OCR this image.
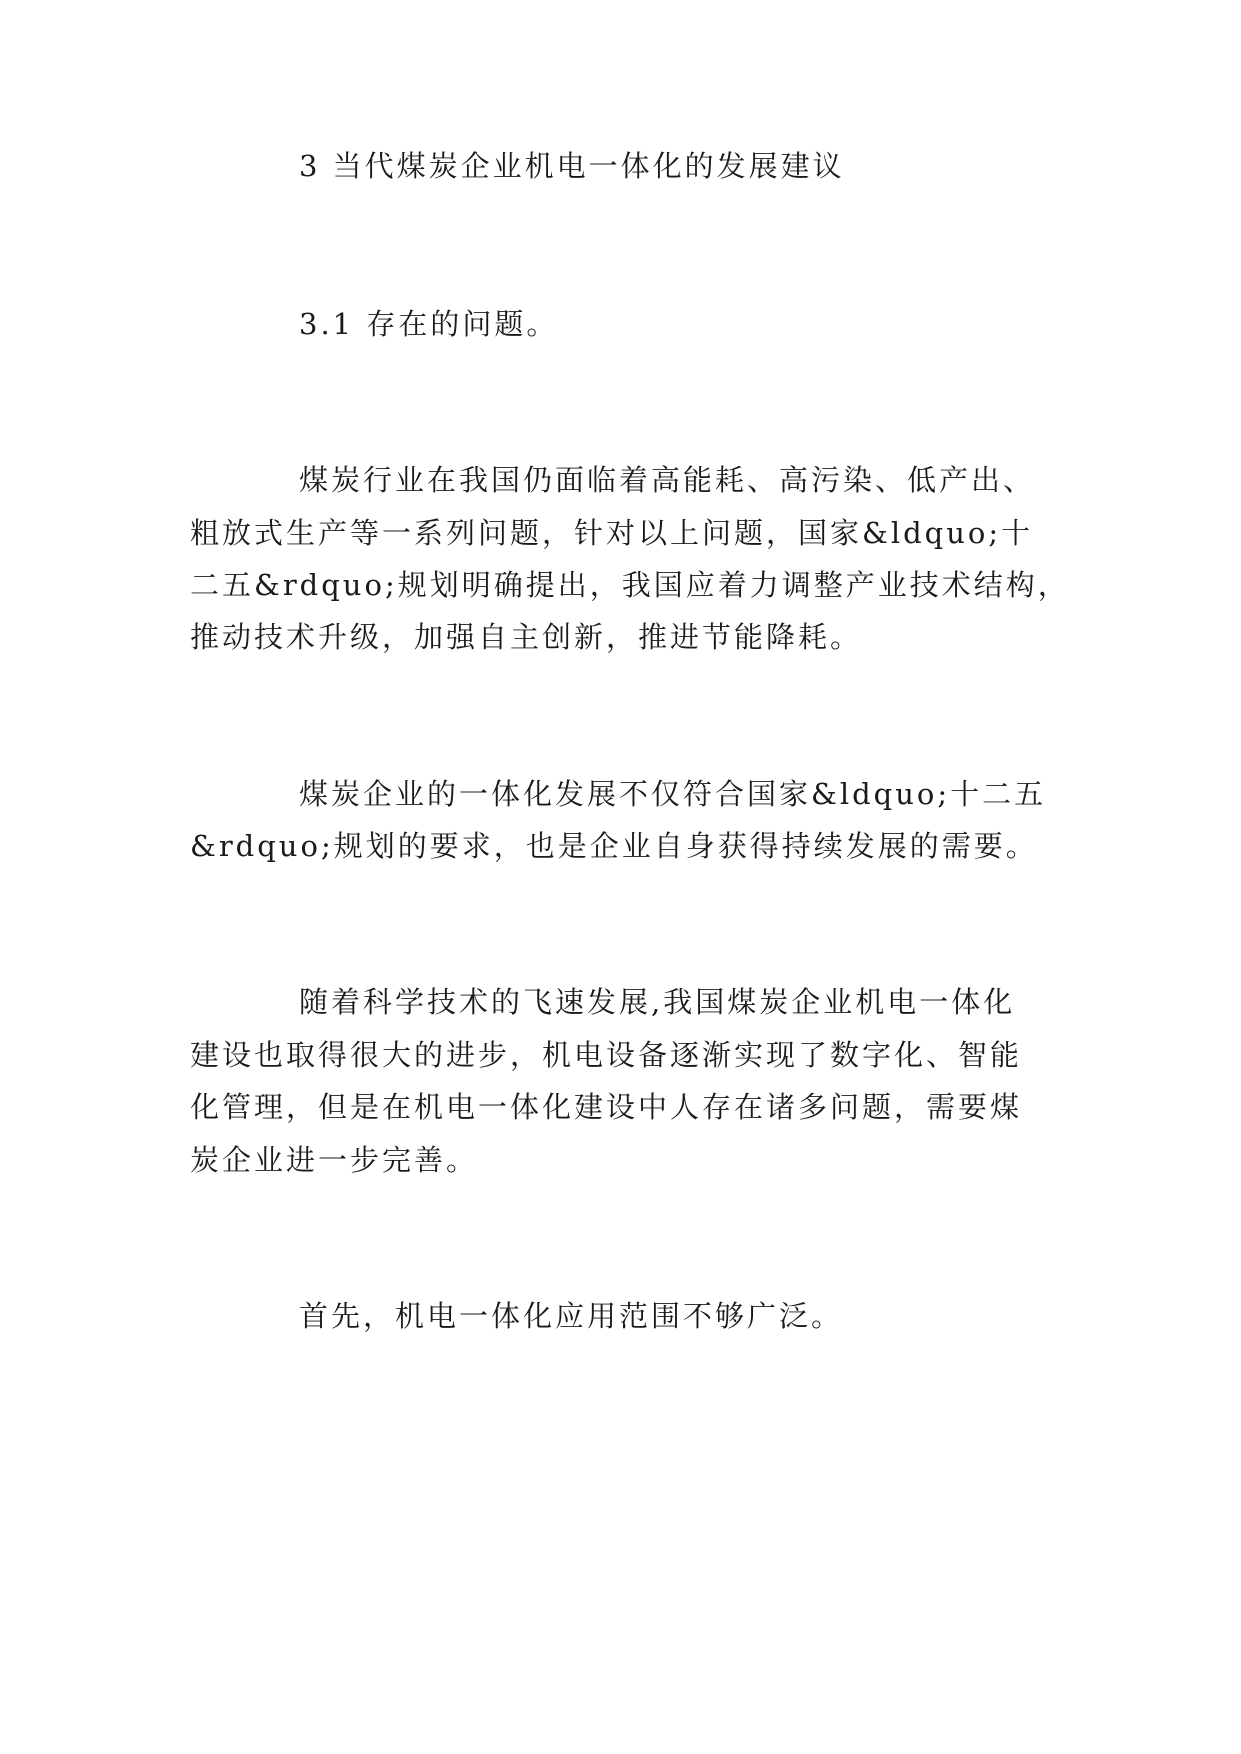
3 当代煤炭企业机电一体化的发展建议
3.1 存在的问题。
煤炭行业在我国仍面临着高能耗、高污染、低产出、
粗放式生产等一系列问题，针对以上问题，国家&ldquo;十
二五&rdquo;规划明确提出，我国应着力调整产业技术结构，
推动技术升级，加强自主创新，推进节能降耗。
煤炭企业的一体化发展不仅符合国家&ldquo;十二五
&rdquo;规划的要求，也是企业自身获得持续发展的需要。
随着科学技术的飞速发展,我国煤炭企业机电一体化
建设也取得很大的进步，机电设备逐渐实现了数字化、智能
化管理，但是在机电一体化建设中人存在诸多问题，需要煤
炭企业进一步完善。
首先，机电一体化应用范围不够广泛。
